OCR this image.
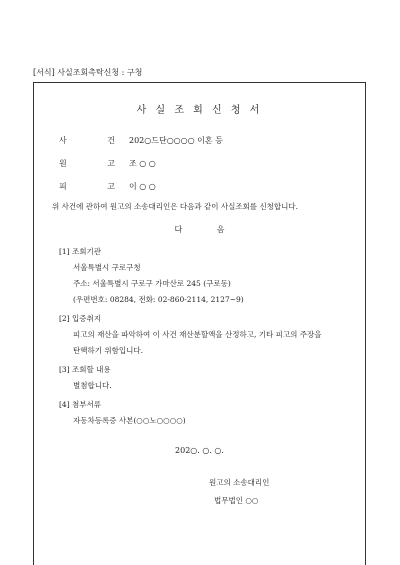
[서식] 사실조회촉탁신청 : 구청
사 실 조 회 신 청 서
사	건 202○드단○○○○ 이혼 등
원	고 조 ○ ○
피	고 이 ○ ○
위 사건에 관하여 원고의 소송대리인은 다음과 같이 사실조회를 신청합니다.
다 음
[1] 조회기관
서울특별시 구로구청
주소: 서울특별시 구로구 가마산로 245 (구로동)
(우편번호: 08284, 전화: 02-860-2114, 2127~9)
[2] 입증취지
피고의 재산을 파악하여 이 사건 재산분할액을 산정하고, 기타 피고의 주장을
탄핵하기 위함입니다.
[3] 조회할 내용
별첨합니다.
[4] 첨부서류
자동차등록증 사본(○○노○○○○)
202○. ○. ○.
원고의 소송대리인
법무법인 ○○
